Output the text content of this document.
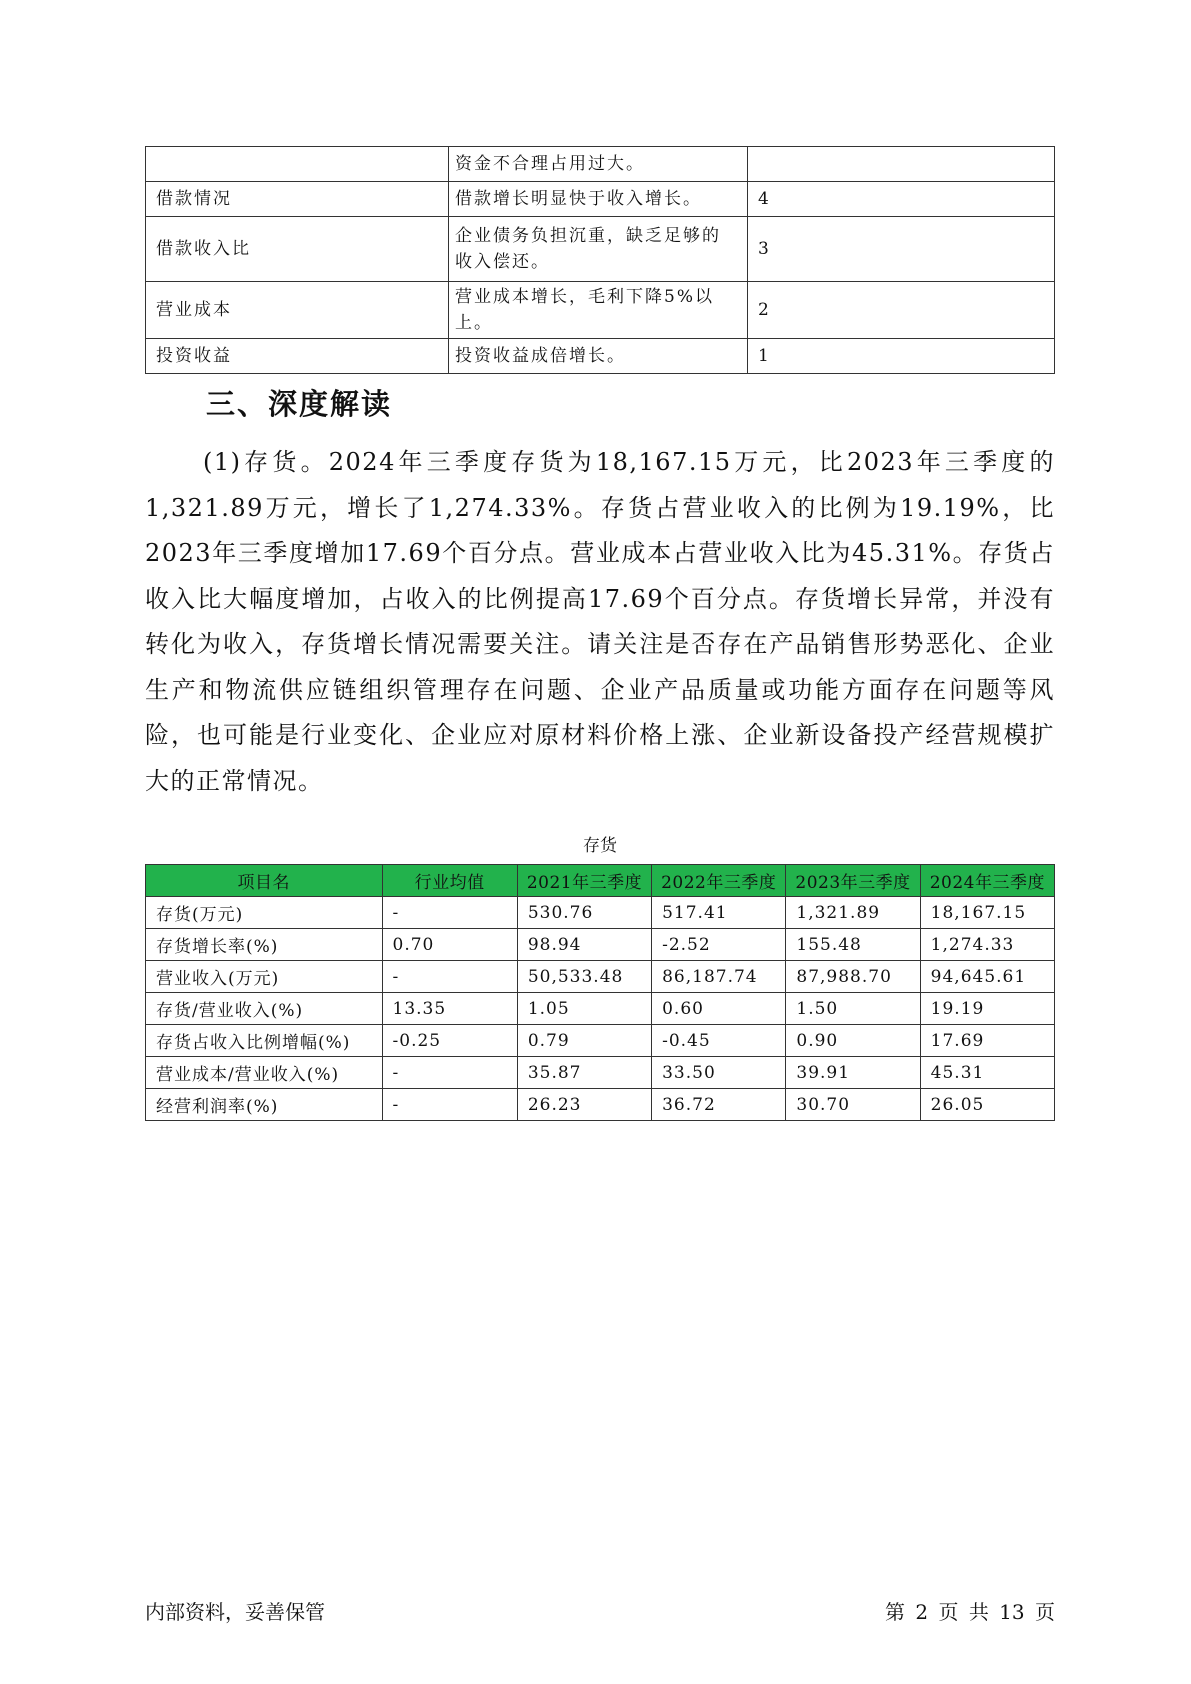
	资金不合理占用过大。	
借款情况	借款增长明显快于收入增长。	4
借款收入比	企业债务负担沉重，缺乏足够的收入偿还。	3
营业成本	营业成本增长，毛利下降5%以上。	2
投资收益	投资收益成倍增长。	1
三、深度解读

(1)存货。2024年三季度存货为18,167.15万元，比2023年三季度的1,321.89万元，增长了1,274.33%。存货占营业收入的比例为19.19%，比2023年三季度增加17.69个百分点。营业成本占营业收入比为45.31%。存货占收入比大幅度增加，占收入的比例提高17.69个百分点。存货增长异常，并没有转化为收入，存货增长情况需要关注。请关注是否存在产品销售形势恶化、企业生产和物流供应链组织管理存在问题、企业产品质量或功能方面存在问题等风险，也可能是行业变化、企业应对原材料价格上涨、企业新设备投产经营规模扩大的正常情况。

存货
项目名	行业均值	2021年三季度	2022年三季度	2023年三季度	2024年三季度
存货(万元)	-	530.76	517.41	1,321.89	18,167.15
存货增长率(%)	0.70	98.94	-2.52	155.48	1,274.33
营业收入(万元)	-	50,533.48	86,187.74	87,988.70	94,645.61
存货/营业收入(%)	13.35	1.05	0.60	1.50	19.19
存货占收入比例增幅(%)	-0.25	0.79	-0.45	0.90	17.69
营业成本/营业收入(%)	-	35.87	33.50	39.91	45.31
经营利润率(%)	-	26.23	36.72	30.70	26.05
内部资料，妥善保管	第 2 页 共 13 页
